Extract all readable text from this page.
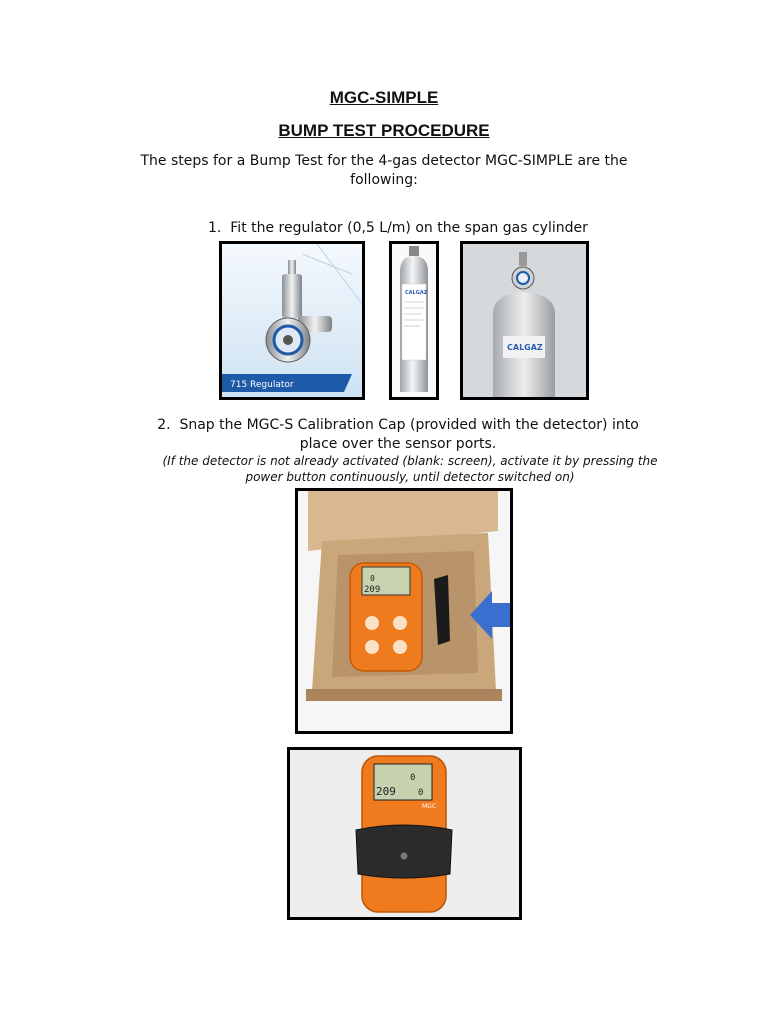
MGC-SIMPLE
BUMP TEST PROCEDURE
The steps for a Bump Test for the 4-gas detector MGC-SIMPLE are the following:
1. Fit the regulator (0,5 L/m) on the span gas cylinder
715 Regulator
CALGAZ
CALGAZ
2. Snap the MGC-S Calibration Cap (provided with the detector) into place over the sensor ports.
(If the detector is not already activated (blank: screen), activate it by pressing the power button continuously, until detector switched on)
0
209
0
209 0
MGC
